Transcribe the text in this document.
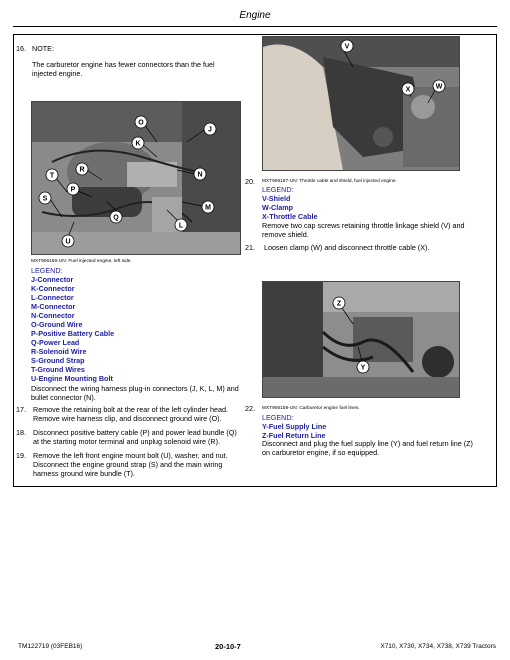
Engine
16. NOTE:
The carburetor engine has fewer connectors than the fuel injected engine.
O
J
K
R
N
T
P
M
S
Q
L
U
MXT906156-UN: Fuel injected engine, left side.
LEGEND:
J-Connector
K-Connector
L-Connector
M-Connector
N-Connector
O-Ground Wire
P-Positive Battery Cable
Q-Power Lead
R-Solenoid Wire
S-Ground Strap
T-Ground Wires
U-Engine Mounting Bolt
Disconnect the wiring harness plug-in connectors (J, K, L, M) and bullet connector (N).
17. Remove the retaining bolt at the rear of the left cylinder head. Remove wire harness clip, and disconnect ground wire (O).
18. Disconnect positive battery cable (P) and power lead bundle (Q) at the starting motor terminal and unplug solenoid wire (R).
19. Remove the left front engine mount bolt (U), washer, and nut. Disconnect the engine ground strap (S) and the main wiring harness ground wire bundle (T).
V
X	W
20. MXT906157-UN: Throttle cable and shield, fuel injected engine.
LEGEND:
V-Shield
W-Clamp
X-Throttle Cable
Remove two cap screws retaining throttle linkage shield (V) and remove shield.
21. Loosen clamp (W) and disconnect throttle cable (X).
Z
Y
22. MXT906158-UN: Carburetor engine fuel lines.
LEGEND:
Y-Fuel Supply Line
Z-Fuel Return Line
Disconnect and plug the fuel supply line (Y) and fuel return line (Z) on carburetor engine, if so equipped.
TM122719 (03FEB16)	20-10-7	X710, X730, X734, X738, X739 Tractors
